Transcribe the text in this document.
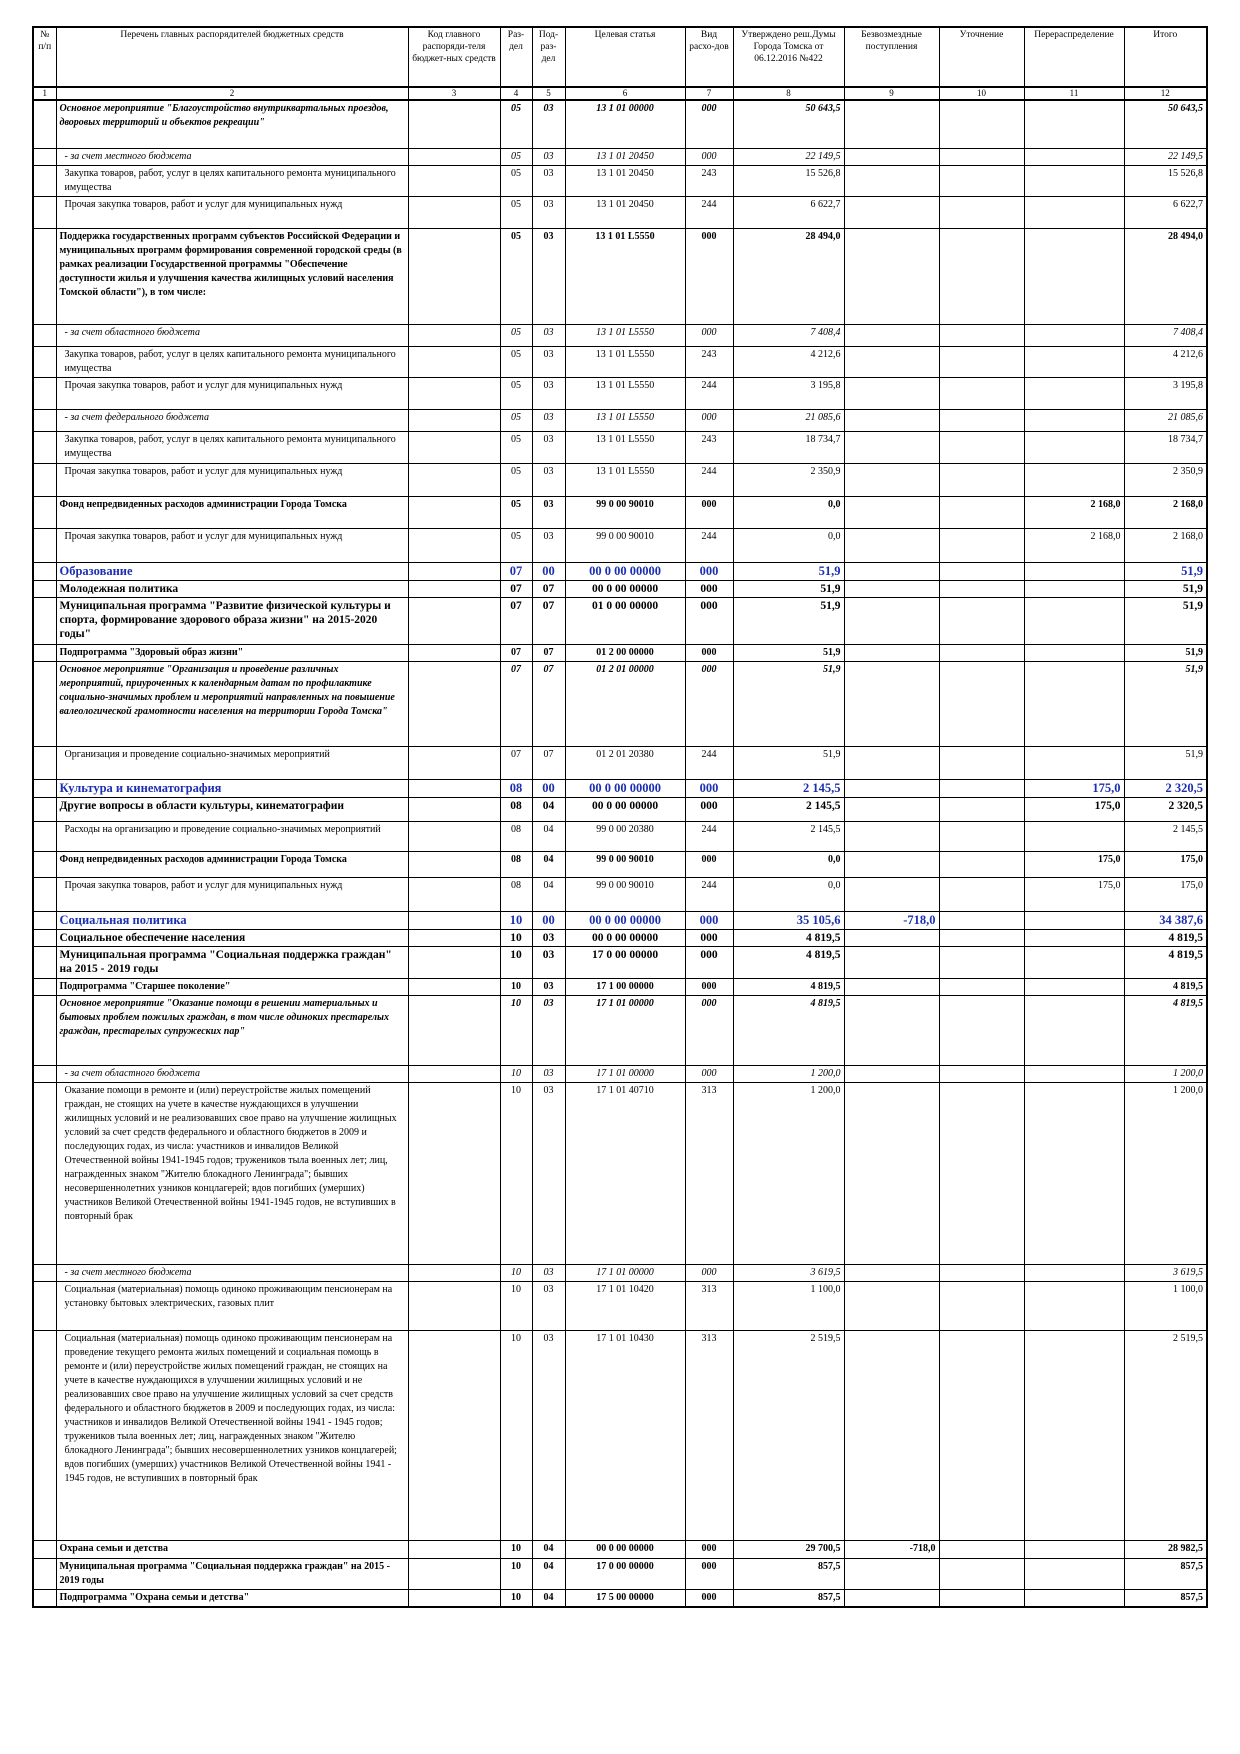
№ п/п	Перечень главных распорядителей бюджетных средств	Код главного распоряди-теля бюджет-ных средств	Раз-дел	Под-раз-дел	Целевая статья	Вид расхо-дов	Утверждено реш.Думы Города Томска от 06.12.2016 №422	Безвозмездные поступления	Уточнение	Перераспределение	Итого
1	2	3	4	5	6	7	8	9	10	11	12
	Основное мероприятие "Благоустройство внутриквартальных проездов, дворовых территорий и объектов рекреации"		05	03	13 1 01 00000	000	50 643,5				50 643,5
	- за счет местного бюджета		05	03	13 1 01 20450	000	22 149,5				22 149,5
	Закупка товаров, работ, услуг в целях капитального ремонта муниципального имущества		05	03	13 1 01 20450	243	15 526,8				15 526,8
	Прочая закупка товаров, работ и услуг для муниципальных нужд		05	03	13 1 01 20450	244	6 622,7				6 622,7
	Поддержка государственных программ субъектов Российской Федерации и муниципальных программ формирования современной городской среды (в рамках реализации Государственной программы "Обеспечение доступности жилья и улучшения качества жилищных условий населения Томской области"), в том числе:		05	03	13 1 01 L5550	000	28 494,0				28 494,0
	- за счет областного бюджета		05	03	13 1 01 L5550	000	7 408,4				7 408,4
	Закупка товаров, работ, услуг в целях капитального ремонта муниципального имущества		05	03	13 1 01 L5550	243	4 212,6				4 212,6
	Прочая закупка товаров, работ и услуг для муниципальных нужд		05	03	13 1 01 L5550	244	3 195,8				3 195,8
	- за счет федерального бюджета		05	03	13 1 01 L5550	000	21 085,6				21 085,6
	Закупка товаров, работ, услуг в целях капитального ремонта муниципального имущества		05	03	13 1 01 L5550	243	18 734,7				18 734,7
	Прочая закупка товаров, работ и услуг для муниципальных нужд		05	03	13 1 01 L5550	244	2 350,9				2 350,9
	Фонд непредвиденных расходов администрации Города Томска		05	03	99 0 00 90010	000	0,0			2 168,0	2 168,0
	Прочая закупка товаров, работ и услуг для муниципальных нужд		05	03	99 0 00 90010	244	0,0			2 168,0	2 168,0
	Образование		07	00	00 0 00 00000	000	51,9				51,9
	Молодежная политика		07	07	00 0 00 00000	000	51,9				51,9
	Муниципальная программа "Развитие физической культуры и спорта, формирование здорового образа жизни" на 2015-2020 годы"		07	07	01 0 00 00000	000	51,9				51,9
	Подпрограмма "Здоровый образ жизни"		07	07	01 2 00 00000	000	51,9				51,9
	Основное мероприятие "Организация и проведение различных мероприятий, приуроченных к календарным датам по профилактике социально-значимых проблем и мероприятий направленных на повышение валеологической грамотности населения на территории Города Томска"		07	07	01 2 01 00000	000	51,9				51,9
	Организация и проведение социально-значимых мероприятий		07	07	01 2 01 20380	244	51,9				51,9
	Культура и кинематография		08	00	00 0 00 00000	000	2 145,5			175,0	2 320,5
	Другие вопросы в области культуры, кинематографии		08	04	00 0 00 00000	000	2 145,5			175,0	2 320,5
	Расходы на организацию и проведение социально-значимых мероприятий		08	04	99 0 00 20380	244	2 145,5				2 145,5
	Фонд непредвиденных расходов администрации Города Томска		08	04	99 0 00 90010	000	0,0			175,0	175,0
	Прочая закупка товаров, работ и услуг для муниципальных нужд		08	04	99 0 00 90010	244	0,0			175,0	175,0
	Социальная политика		10	00	00 0 00 00000	000	35 105,6	-718,0			34 387,6
	Социальное обеспечение населения		10	03	00 0 00 00000	000	4 819,5				4 819,5
	Муниципальная программа "Социальная поддержка граждан" на 2015 - 2019 годы		10	03	17 0 00 00000	000	4 819,5				4 819,5
	Подпрограмма "Старшее поколение"		10	03	17 1 00 00000	000	4 819,5				4 819,5
	Основное мероприятие "Оказание помощи в решении материальных и бытовых проблем пожилых граждан, в том числе одиноких престарелых граждан, престарелых супружеских пар"		10	03	17 1 01 00000	000	4 819,5				4 819,5
	- за счет областного бюджета		10	03	17 1 01 00000	000	1 200,0				1 200,0
	Оказание помощи в ремонте и (или) переустройстве жилых помещений граждан, не стоящих на учете в качестве нуждающихся в улучшении жилищных условий и не реализовавших свое право на улучшение жилищных условий за счет средств федерального и областного бюджетов в 2009 и последующих годах, из числа: участников и инвалидов Великой Отечественной войны 1941-1945 годов; тружеников тыла военных лет; лиц, награжденных знаком "Жителю блокадного Ленинграда"; бывших несовершеннолетних узников концлагерей; вдов погибших (умерших) участников Великой Отечественной войны 1941-1945 годов, не вступивших в повторный брак		10	03	17 1 01 40710	313	1 200,0				1 200,0
	- за счет местного бюджета		10	03	17 1 01 00000	000	3 619,5				3 619,5
	Социальная (материальная) помощь одиноко проживающим пенсионерам на установку бытовых электрических, газовых плит		10	03	17 1 01 10420	313	1 100,0				1 100,0
	Социальная (материальная) помощь одиноко проживающим пенсионерам на проведение текущего ремонта жилых помещений и социальная помощь в ремонте и (или) переустройстве жилых помещений граждан, не стоящих на учете в качестве нуждающихся в улучшении жилищных условий и не реализовавших свое право на улучшение жилищных условий за счет средств федерального и областного бюджетов в 2009 и последующих годах, из числа: участников и инвалидов Великой Отечественной войны 1941 - 1945 годов; тружеников тыла военных лет; лиц, награжденных знаком "Жителю блокадного Ленинграда"; бывших несовершеннолетних узников концлагерей; вдов погибших (умерших) участников Великой Отечественной войны 1941 - 1945 годов, не вступивших в повторный брак		10	03	17 1 01 10430	313	2 519,5				2 519,5
	Охрана семьи и детства		10	04	00 0 00 00000	000	29 700,5	-718,0			28 982,5
	Муниципальная программа "Социальная поддержка граждан" на 2015 - 2019 годы		10	04	17 0 00 00000	000	857,5				857,5
	Подпрограмма "Охрана семьи и детства"		10	04	17 5 00 00000	000	857,5				857,5
